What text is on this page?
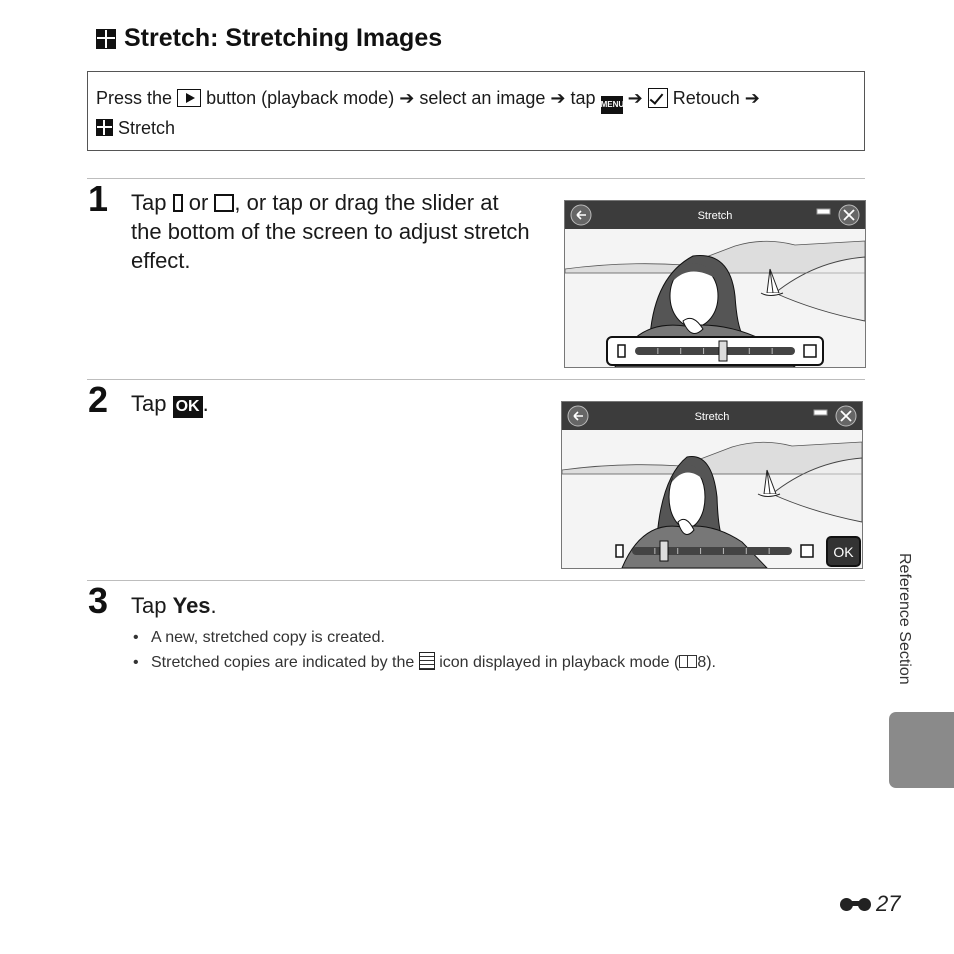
Stretch: Stretching Images
Press the button (playback mode) ➔ select an image ➔ tap MENU ➔ Retouch ➔
Stretch
1 Tap or , or tap or drag the slider at the bottom of the screen to adjust stretch effect.
Stretch
2 Tap OK .
Stretch
OK
3 Tap Yes.
• A new, stretched copy is created.
• Stretched copies are indicated by the icon displayed in playback mode ( 8).	Reference Section
27
